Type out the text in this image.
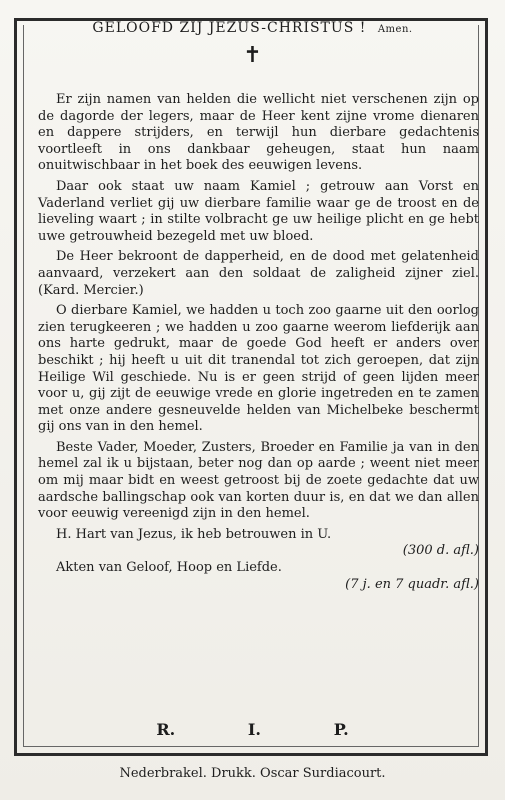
GELOOFD ZIJ JEZUS-CHRISTUS ! Amen.
✝

Er zijn namen van helden die wellicht niet verschenen zijn op de dagorde der legers, maar de Heer kent zijne vrome dienaren en dappere strijders, en terwijl hun dierbare gedachtenis voortleeft in ons dankbaar geheugen, staat hun naam onuitwischbaar in het boek des eeuwigen levens.

Daar ook staat uw naam Kamiel ; getrouw aan Vorst en Vaderland verliet gij uw dierbare familie waar ge de troost en de lieveling waart ; in stilte volbracht ge uw heilige plicht en ge hebt uwe getrouwheid bezegeld met uw bloed.

De Heer bekroont de dapperheid, en de dood met gelatenheid aanvaard, verzekert aan den soldaat de zaligheid zijner ziel. (Kard. Mercier.)

O dierbare Kamiel, we hadden u toch zoo gaarne uit den oorlog zien terugkeeren ; we hadden u zoo gaarne weerom liefderijk aan ons harte gedrukt, maar de goede God heeft er anders over beschikt ; hij heeft u uit dit tranendal tot zich geroepen, dat zijn Heilige Wil geschiede. Nu is er geen strijd of geen lijden meer voor u, gij zijt de eeuwige vrede en glorie ingetreden en te zamen met onze andere gesneuvelde helden van Michelbeke beschermt gij ons van in den hemel.

Beste Vader, Moeder, Zusters, Broeder en Familie ja van in den hemel zal ik u bijstaan, beter nog dan op aarde ; weent niet meer om mij maar bidt en weest getroost bij de zoete gedachte dat uw aardsche ballingschap ook van korten duur is, en dat we dan allen voor eeuwig vereenigd zijn in den hemel.

H. Hart van Jezus, ik heb betrouwen in U.

(300 d. afl.)

Akten van Geloof, Hoop en Liefde.

(7 j. en 7 quadr. afl.)
R.	I.	P.
Nederbrakel. Drukk. Oscar Surdiacourt.
